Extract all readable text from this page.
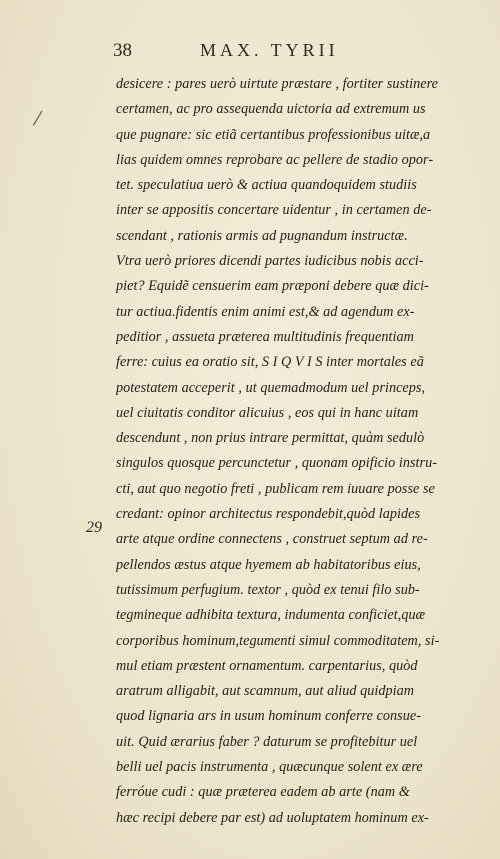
38	MAX. TYRII
/
29
desicere : pares uerò uirtute præstare , fortiter sustinere
certamen, ac pro assequenda uictoria ad extremum us
que pugnare: sic etiã certantibus professionibus uitæ,a
lias quidem omnes reprobare ac pellere de stadio opor-
tet. speculatiua uerò & actiua quandoquidem studiis
inter se appositis concertare uidentur , in certamen de-
scendant , rationis armis ad pugnandum instructæ.
Vtra uerò priores dicendi partes iudicibus nobis acci-
piet? Equidẽ censuerim eam præponi debere quæ dici-
tur actiua.fidentis enim animi est,& ad agendum ex-
peditior , assueta præterea multitudinis frequentiam
ferre: cuius ea oratio sit, S I Q V I S inter mortales eã
potestatem acceperit , ut quemadmodum uel princeps,
uel ciuitatis conditor alicuius , eos qui in hanc uitam
descendunt , non prius intrare permittat, quàm sedulò
singulos quosque percunctetur , quonam opificio instru-
cti, aut quo negotio freti , publicam rem iuuare posse se
credant: opinor architectus respondebit,quòd lapides
arte atque ordine connectens , construet septum ad re-
pellendos æstus atque hyemem ab habitatoribus eius,
tutissimum perfugium. textor , quòd ex tenui filo sub-
tegmineque adhibita textura, indumenta conficiet,quæ
corporibus hominum,tegumenti simul commoditatem, si-
mul etiam præstent ornamentum. carpentarius, quòd
aratrum alligabit, aut scamnum, aut aliud quidpiam
quod lignaria ars in usum hominum conferre consue-
uit. Quid ærarius faber ? daturum se profitebitur uel
belli uel pacis instrumenta , quæcunque solent ex ære
ferróue cudi : quæ præterea eadem ab arte (nam &
hæc recipi debere par est) ad uoluptatem hominum ex-
